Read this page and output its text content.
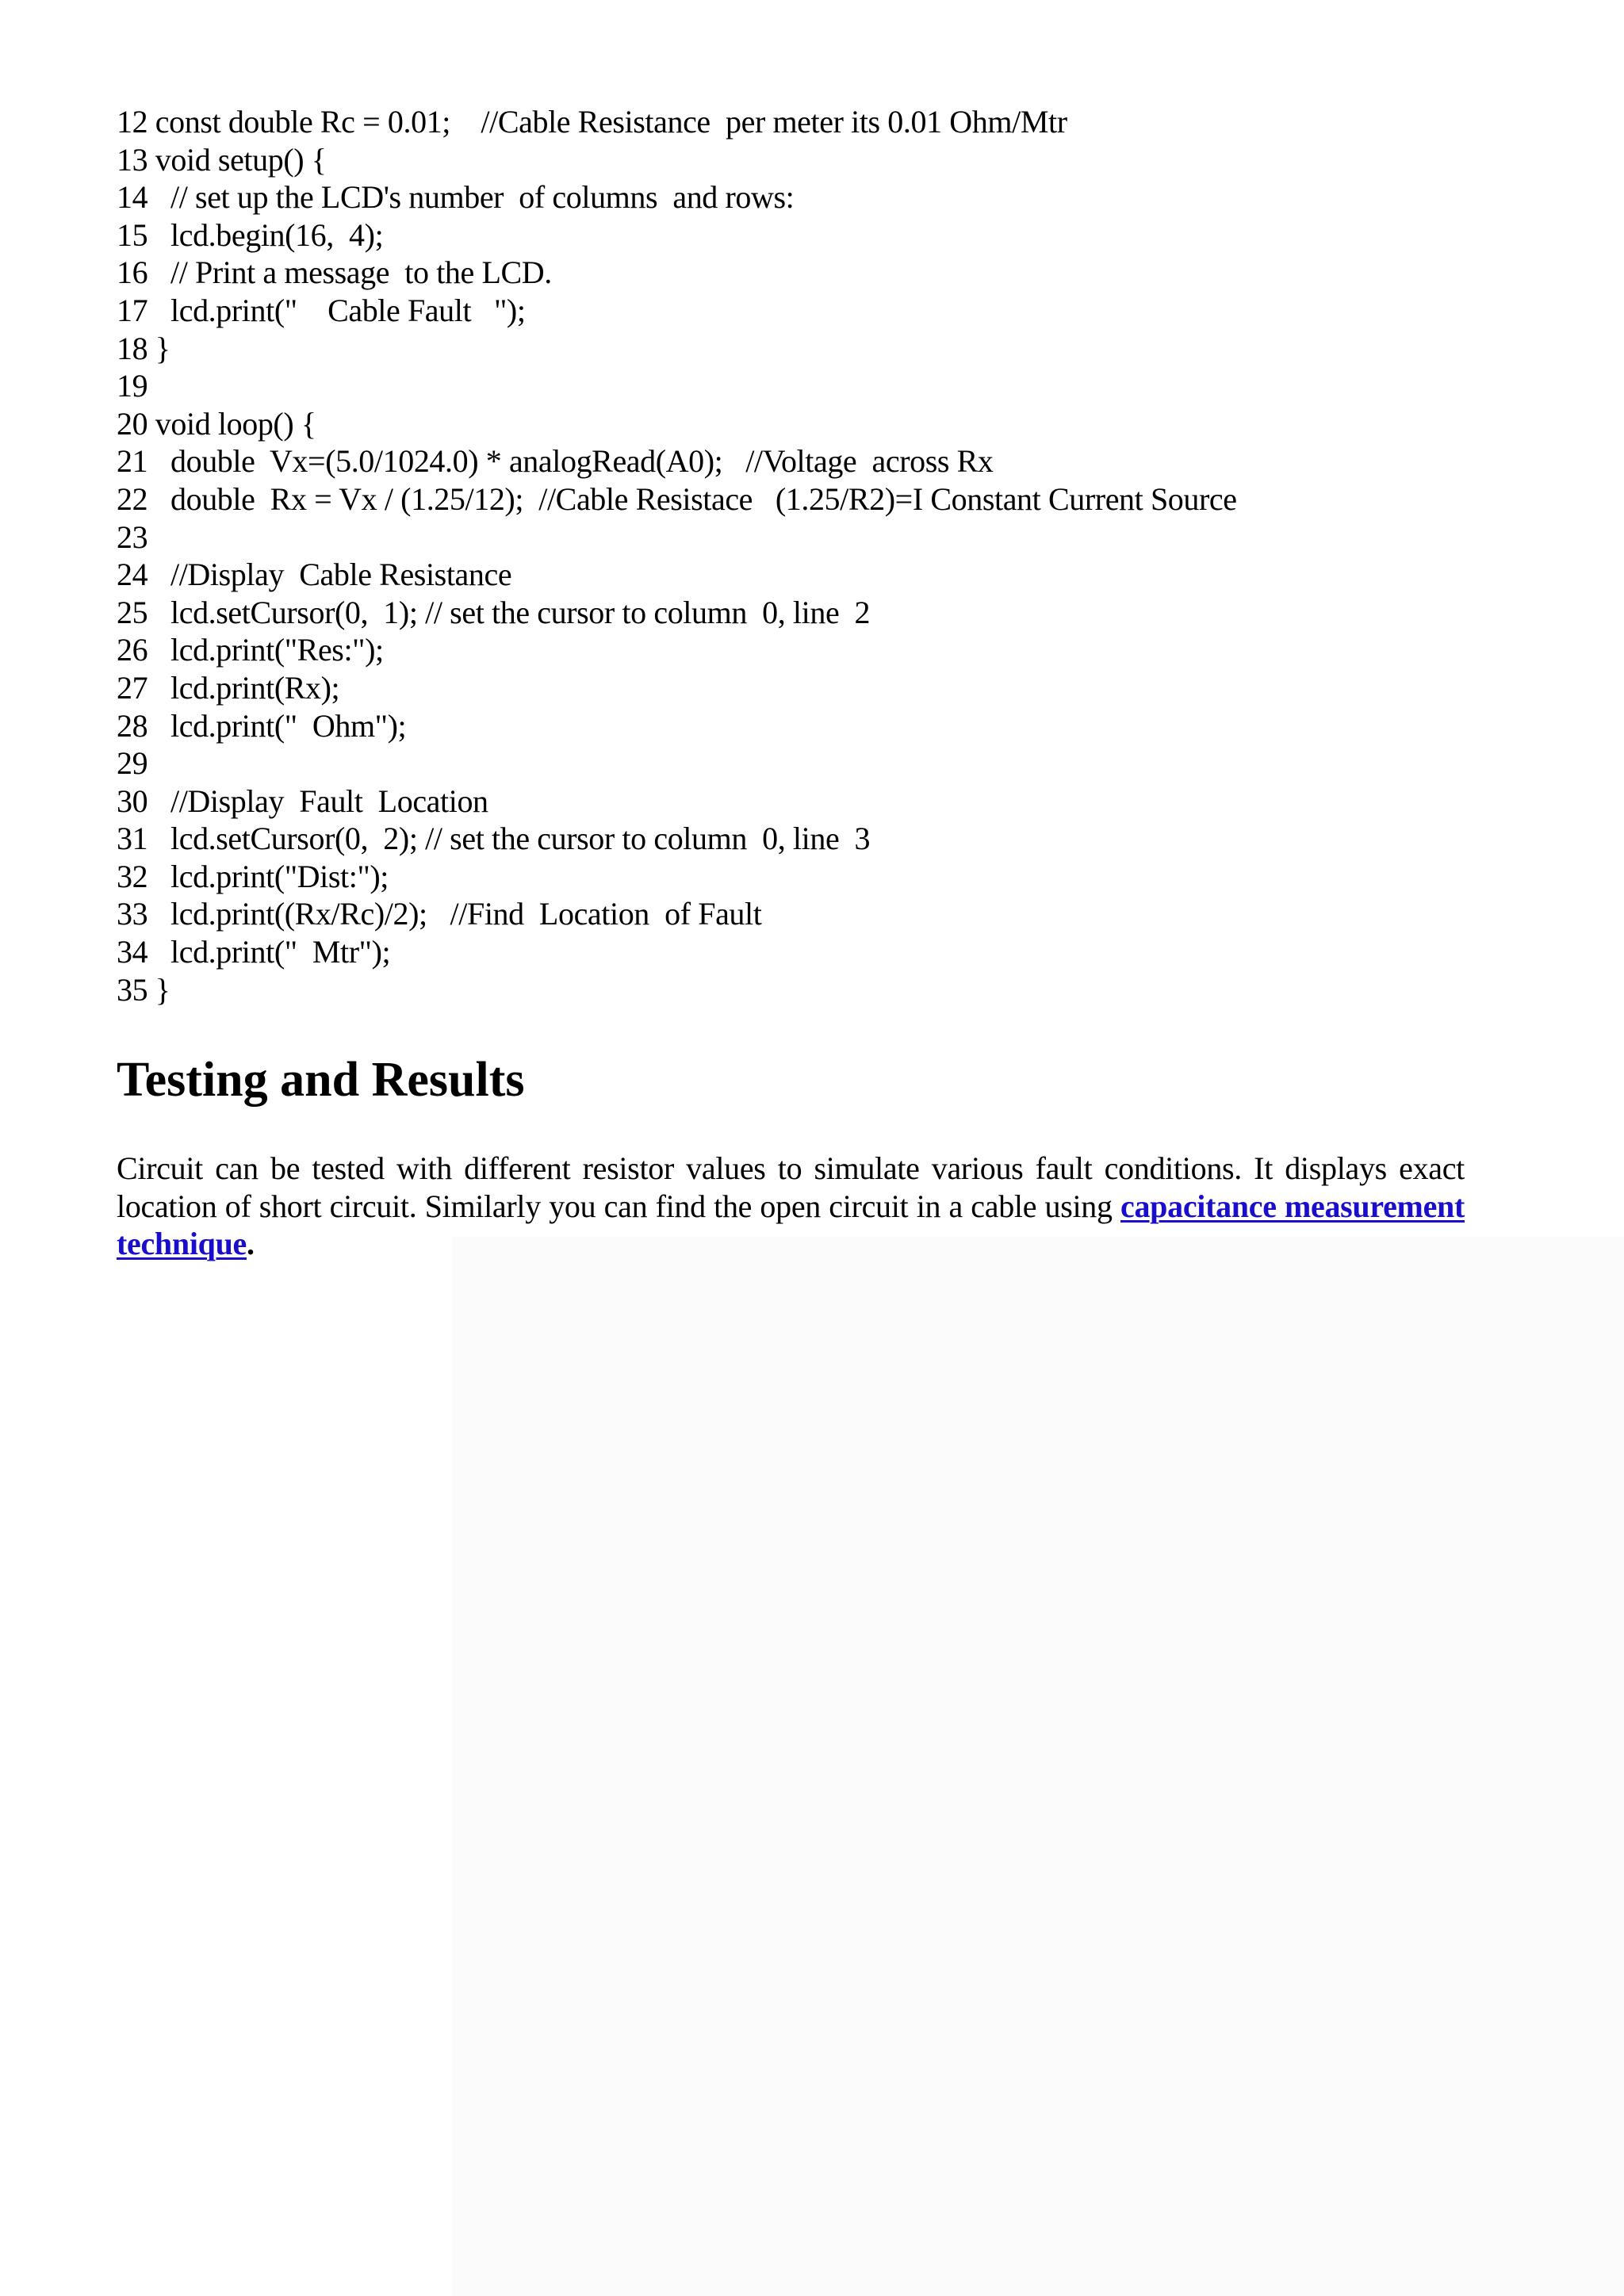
12 const double Rc = 0.01;    //Cable Resistance  per meter its 0.01 Ohm/Mtr
13 void setup() {
14   // set up the LCD's number  of columns  and rows:
15   lcd.begin(16,  4);
16   // Print a message  to the LCD.
17   lcd.print("    Cable Fault   ");
18 }
19
20 void loop() {
21   double  Vx=(5.0/1024.0) * analogRead(A0);   //Voltage  across Rx
22   double  Rx = Vx / (1.25/12);  //Cable Resistace   (1.25/R2)=I Constant Current Source
23
24   //Display  Cable Resistance
25   lcd.setCursor(0,  1); // set the cursor to column  0, line  2
26   lcd.print("Res:");
27   lcd.print(Rx);
28   lcd.print("  Ohm");
29
30   //Display  Fault  Location
31   lcd.setCursor(0,  2); // set the cursor to column  0, line  3
32   lcd.print("Dist:");
33   lcd.print((Rx/Rc)/2);   //Find  Location  of Fault
34   lcd.print("  Mtr");
35 }
Testing and Results

Circuit can be tested with different resistor values to simulate various fault conditions. It displays exact location of short circuit. Similarly you can find the open circuit in a cable using capacitance measurement technique.
